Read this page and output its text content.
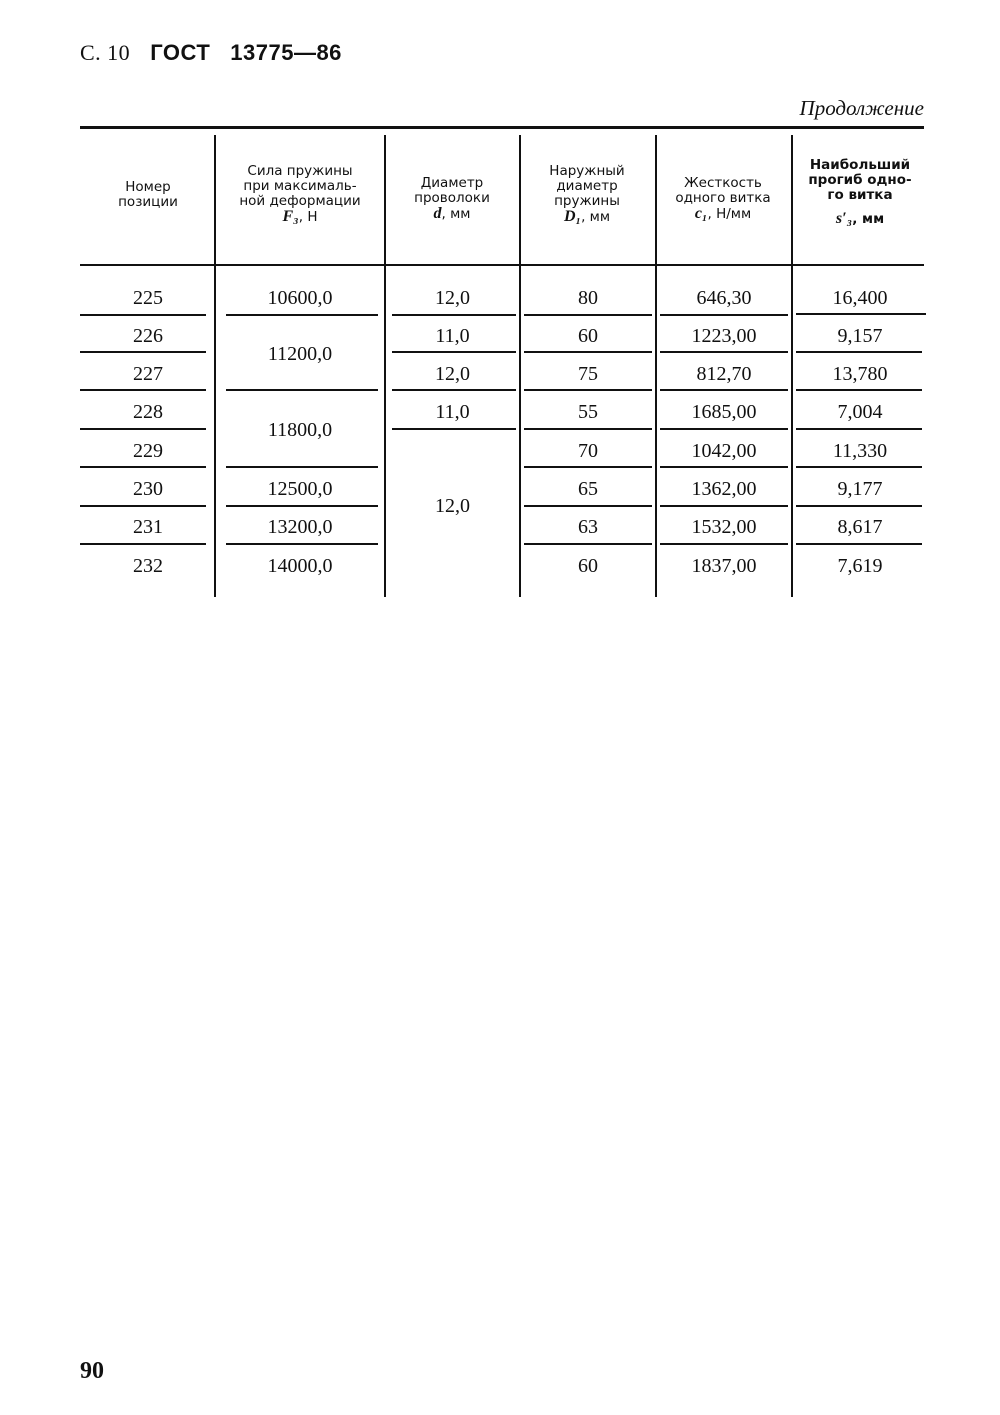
С. 10 ГОСТ 13775—86
Продолжение
Номер
позиции
Сила пружины
при максималь-
ной деформации
F₃, Н
Диаметр
проволоки
d, мм
Наружный
диаметр
пружины
D₁, мм
Жесткость
одного витка
c₁, Н/мм
Наибольший
прогиб одно-
го витка
s′₃, мм
225
226
227
228
229
230
231
232
10600,0
11200,0
11800,0
12500,0
13200,0
14000,0
12,0
11,0
12,0
11,0
12,0
80
60
75
55
70
65
63
60
646,30
1223,00
812,70
1685,00
1042,00
1362,00
1532,00
1837,00
16,400
9,157
13,780
7,004
11,330
9,177
8,617
7,619
90
